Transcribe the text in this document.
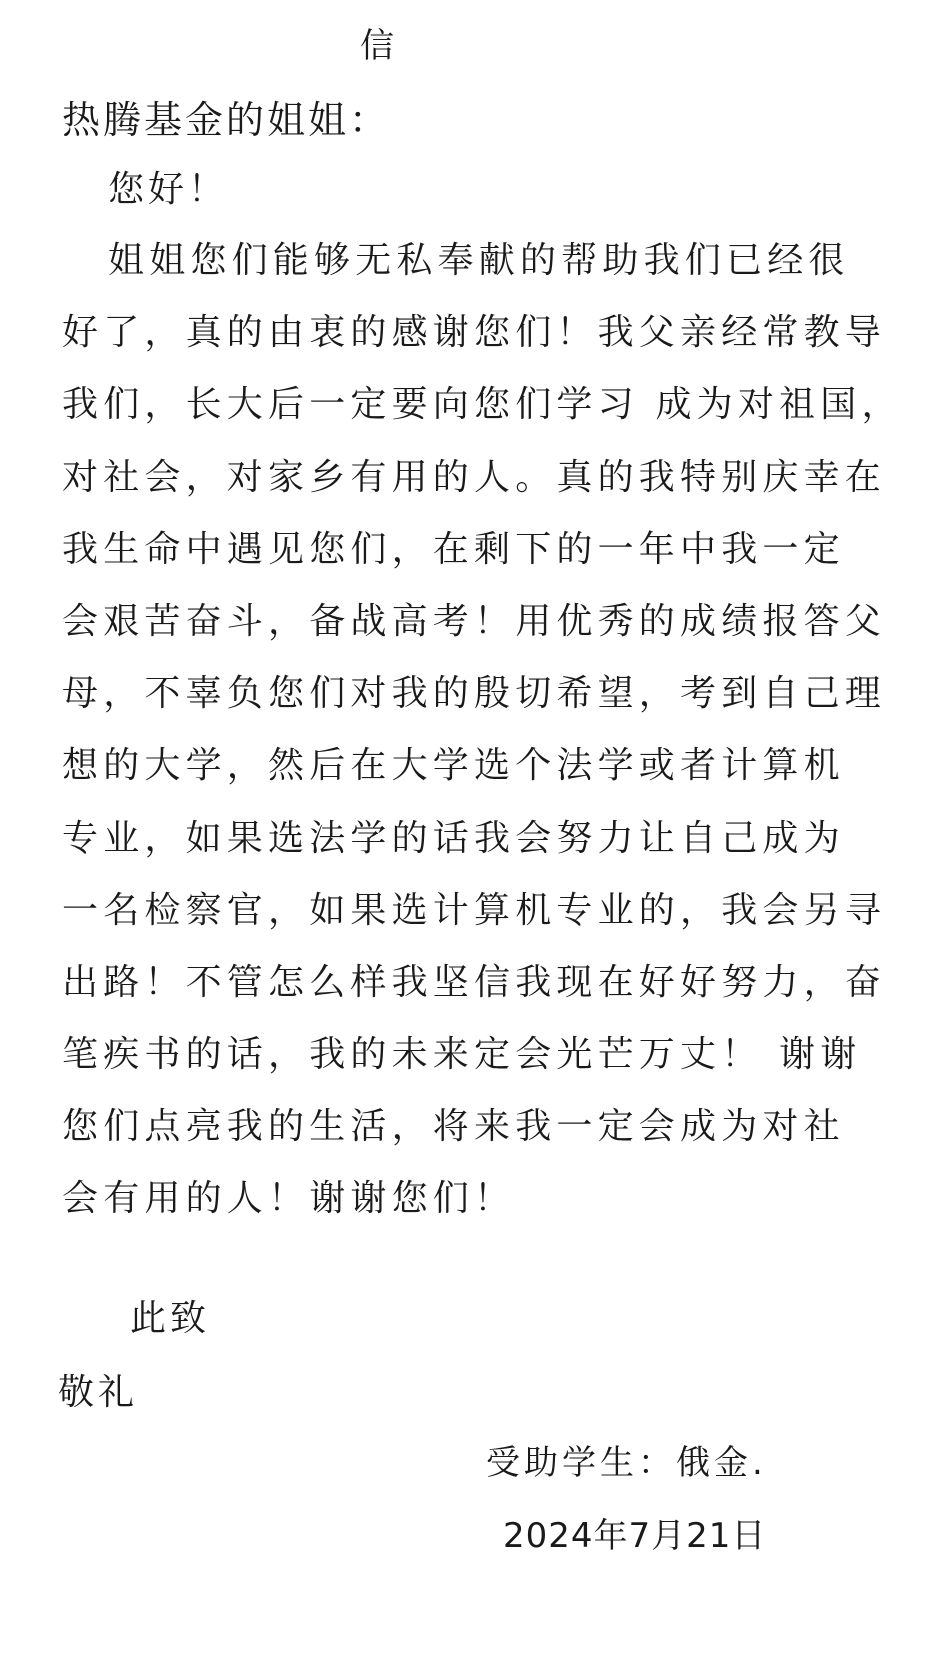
信
热腾基金的姐姐：
您好！
姐姐您们能够无私奉献的帮助我们已经很
好了，真的由衷的感谢您们！我父亲经常教导
我们，长大后一定要向您们学习 成为对祖国，
对社会，对家乡有用的人。真的我特别庆幸在
我生命中遇见您们，在剩下的一年中我一定
会艰苦奋斗，备战高考！用优秀的成绩报答父
母，不辜负您们对我的殷切希望，考到自己理
想的大学，然后在大学选个法学或者计算机
专业，如果选法学的话我会努力让自己成为
一名检察官，如果选计算机专业的，我会另寻
出路！不管怎么样我坚信我现在好好努力，奋
笔疾书的话，我的未来定会光芒万丈！ 谢谢
您们点亮我的生活，将来我一定会成为对社
会有用的人！谢谢您们！
此致
敬礼
受助学生：俄金.
2024年7月21日
